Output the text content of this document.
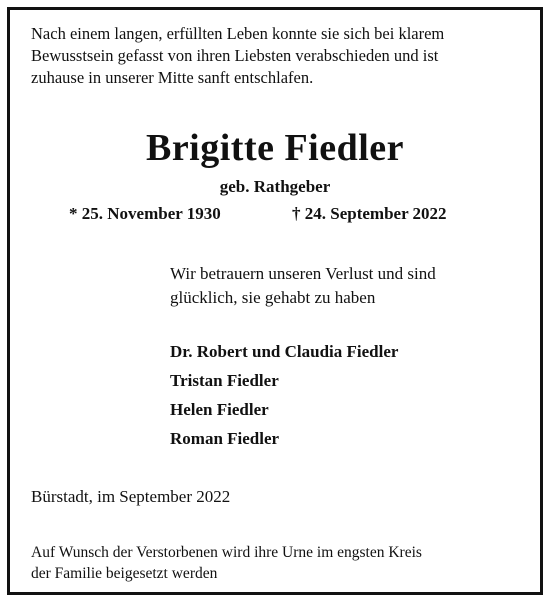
Nach einem langen, erfüllten Leben konnte sie sich bei klarem
Bewusstsein gefasst von ihren Liebsten verabschieden und ist
zuhause in unserer Mitte sanft entschlafen.
Brigitte Fiedler
geb. Rathgeber
* 25. November 1930	† 24. September 2022
Wir betrauern unseren Verlust und sind
glücklich, sie gehabt zu haben
Dr. Robert und Claudia Fiedler
Tristan Fiedler
Helen Fiedler
Roman Fiedler
Bürstadt, im September 2022
Auf Wunsch der Verstorbenen wird ihre Urne im engsten Kreis
der Familie beigesetzt werden
